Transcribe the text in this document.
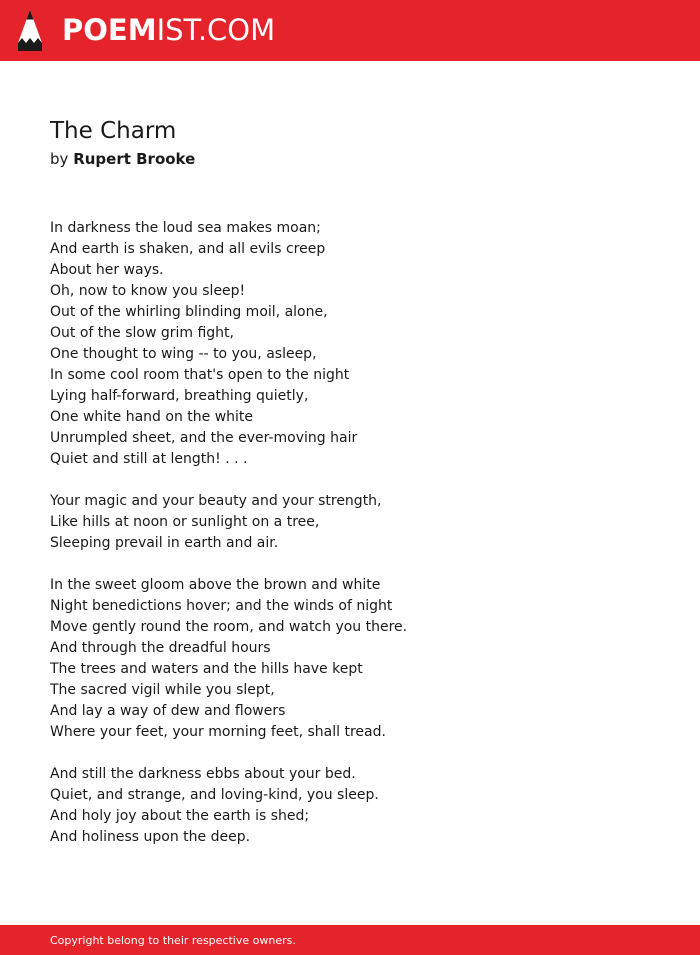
POEMIST.COM
The Charm
by Rupert Brooke
In darkness the loud sea makes moan;
And earth is shaken, and all evils creep
About her ways.
Oh, now to know you sleep!
Out of the whirling blinding moil, alone,
Out of the slow grim fight,
One thought to wing -- to you, asleep,
In some cool room that's open to the night
Lying half-forward, breathing quietly,
One white hand on the white
Unrumpled sheet, and the ever-moving hair
Quiet and still at length! . . .
Your magic and your beauty and your strength,
Like hills at noon or sunlight on a tree,
Sleeping prevail in earth and air.
In the sweet gloom above the brown and white
Night benedictions hover; and the winds of night
Move gently round the room, and watch you there.
And through the dreadful hours
The trees and waters and the hills have kept
The sacred vigil while you slept,
And lay a way of dew and flowers
Where your feet, your morning feet, shall tread.
And still the darkness ebbs about your bed.
Quiet, and strange, and loving-kind, you sleep.
And holy joy about the earth is shed;
And holiness upon the deep.
Copyright belong to their respective owners.
